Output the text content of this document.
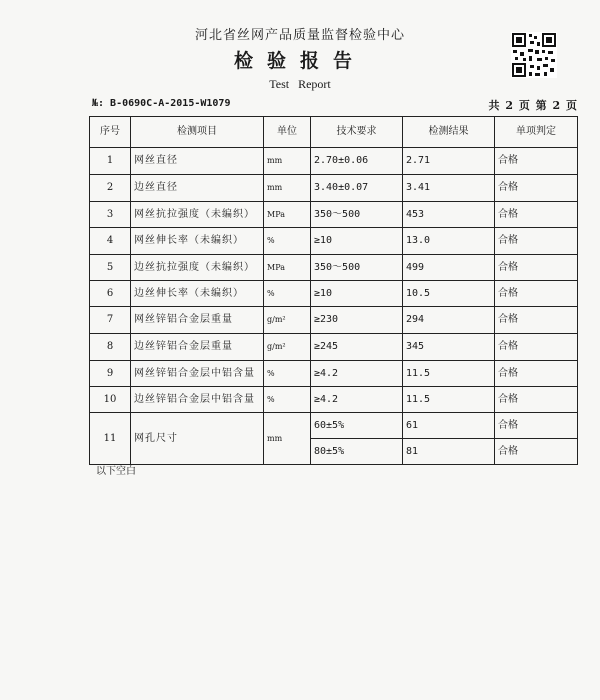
河北省丝网产品质量监督检验中心
检验报告
Test Report
№: B-0690C-A-2015-W1079	共 2 页 第 2 页
序号	检测项目	单位	技术要求	检测结果	单项判定
1	网丝直径	mm	2.70±0.06	2.71	合格
2	边丝直径	mm	3.40±0.07	3.41	合格
3	网丝抗拉强度（未编织）	MPa	350～500	453	合格
4	网丝伸长率（未编织）	%	≥10	13.0	合格
5	边丝抗拉强度（未编织）	MPa	350～500	499	合格
6	边丝伸长率（未编织）	%	≥10	10.5	合格
7	网丝锌铝合金层重量	g/m²	≥230	294	合格
8	边丝锌铝合金层重量	g/m²	≥245	345	合格
9	网丝锌铝合金层中铝含量	%	≥4.2	11.5	合格
10	边丝锌铝合金层中铝含量	%	≥4.2	11.5	合格
11	网孔尺寸	mm	60±5%	61	合格
			80±5%	81	合格
以下空白
